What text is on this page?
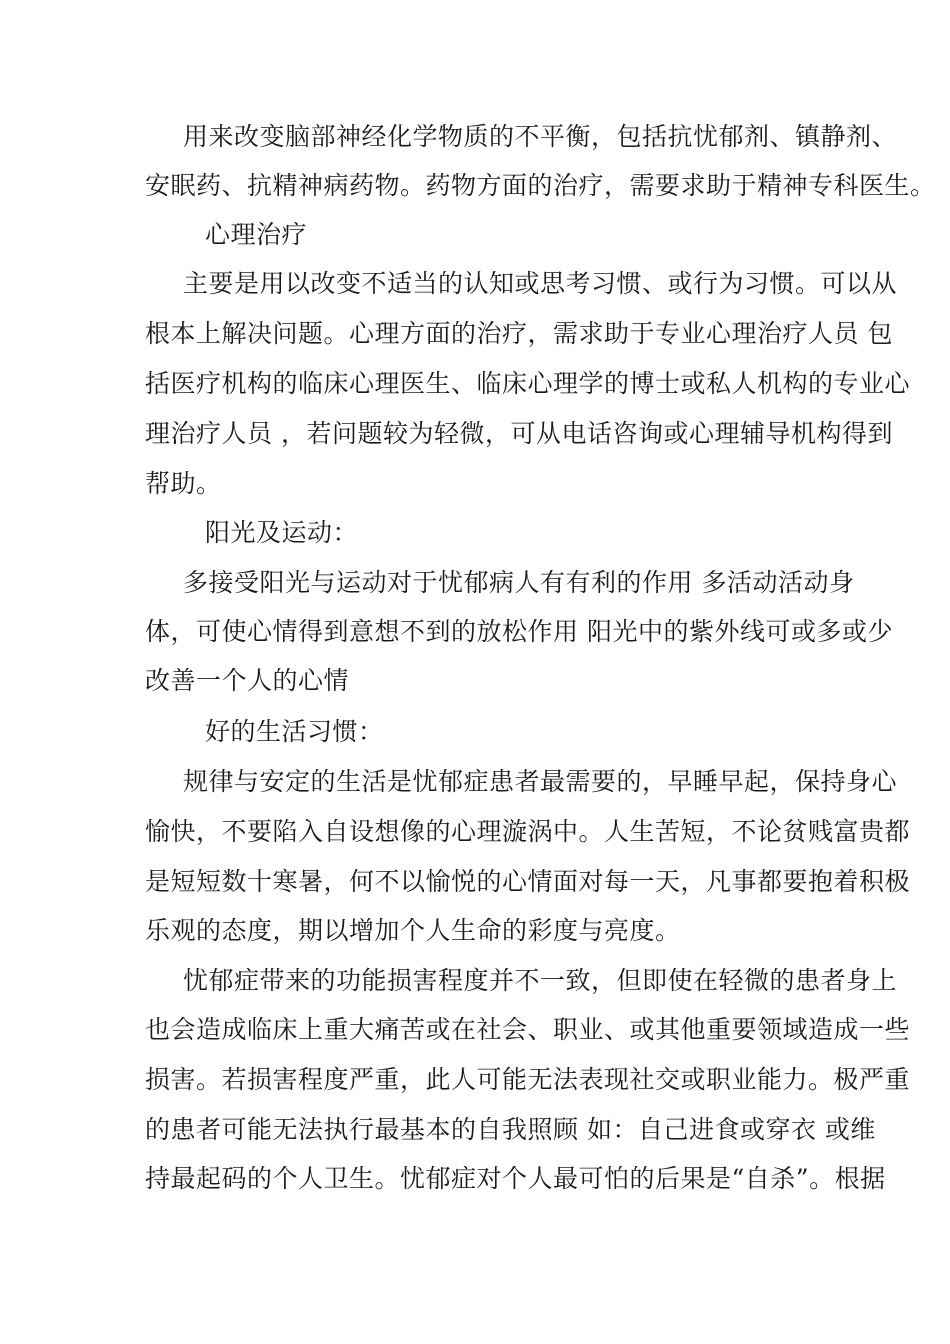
用来改变脑部神经化学物质的不平衡，包括抗忧郁剂、镇静剂、
安眠药、抗精神病药物。药物方面的治疗，需要求助于精神专科医生。
心理治疗
主要是用以改变不适当的认知或思考习惯、或行为习惯。可以从
根本上解决问题。心理方面的治疗，需求助于专业心理治疗人员 包
括医疗机构的临床心理医生、临床心理学的博士或私人机构的专业心
理治疗人员 ，若问题较为轻微，可从电话咨询或心理辅导机构得到
帮助。
阳光及运动：
多接受阳光与运动对于忧郁病人有有利的作用 多活动活动身
体，可使心情得到意想不到的放松作用 阳光中的紫外线可或多或少
改善一个人的心情
好的生活习惯：
规律与安定的生活是忧郁症患者最需要的，早睡早起，保持身心
愉快，不要陷入自设想像的心理漩涡中。人生苦短，不论贫贱富贵都
是短短数十寒暑，何不以愉悦的心情面对每一天，凡事都要抱着积极
乐观的态度，期以增加个人生命的彩度与亮度。
忧郁症带来的功能损害程度并不一致，但即使在轻微的患者身上
也会造成临床上重大痛苦或在社会、职业、或其他重要领域造成一些
损害。若损害程度严重，此人可能无法表现社交或职业能力。极严重
的患者可能无法执行最基本的自我照顾 如：自己进食或穿衣 或维
持最起码的个人卫生。忧郁症对个人最可怕的后果是“自杀”。根据
